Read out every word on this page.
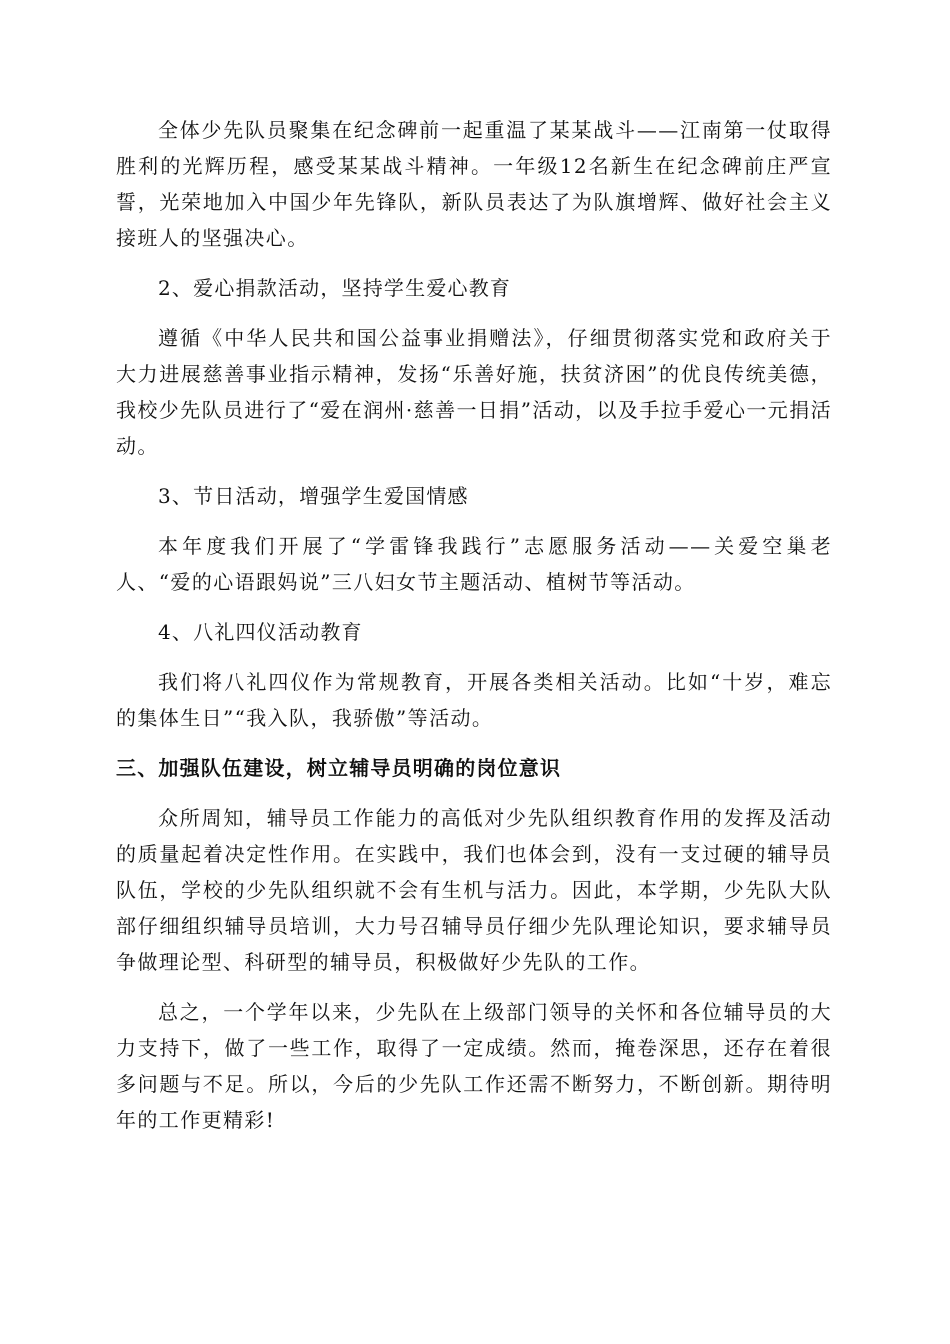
全体少先队员聚集在纪念碑前一起重温了某某战斗——江南第一仗取得胜利的光辉历程，感受某某战斗精神。一年级12名新生在纪念碑前庄严宣誓，光荣地加入中国少年先锋队，新队员表达了为队旗增辉、做好社会主义接班人的坚强决心。

2、爱心捐款活动，坚持学生爱心教育

遵循《中华人民共和国公益事业捐赠法》，仔细贯彻落实党和政府关于大力进展慈善事业指示精神，发扬“乐善好施，扶贫济困”的优良传统美德，我校少先队员进行了“爱在润州·慈善一日捐”活动，以及手拉手爱心一元捐活动。

3、节日活动，增强学生爱国情感

本年度我们开展了“学雷锋我践行”志愿服务活动——关爱空巢老人、“爱的心语跟妈说”三八妇女节主题活动、植树节等活动。

4、八礼四仪活动教育

我们将八礼四仪作为常规教育，开展各类相关活动。比如“十岁，难忘的集体生日”“我入队，我骄傲”等活动。

三、加强队伍建设，树立辅导员明确的岗位意识

众所周知，辅导员工作能力的高低对少先队组织教育作用的发挥及活动的质量起着决定性作用。在实践中，我们也体会到，没有一支过硬的辅导员队伍，学校的少先队组织就不会有生机与活力。因此，本学期，少先队大队部仔细组织辅导员培训，大力号召辅导员仔细少先队理论知识，要求辅导员争做理论型、科研型的辅导员，积极做好少先队的工作。

总之，一个学年以来，少先队在上级部门领导的关怀和各位辅导员的大力支持下，做了一些工作，取得了一定成绩。然而，掩卷深思，还存在着很多问题与不足。所以，今后的少先队工作还需不断努力，不断创新。期待明年的工作更精彩!
